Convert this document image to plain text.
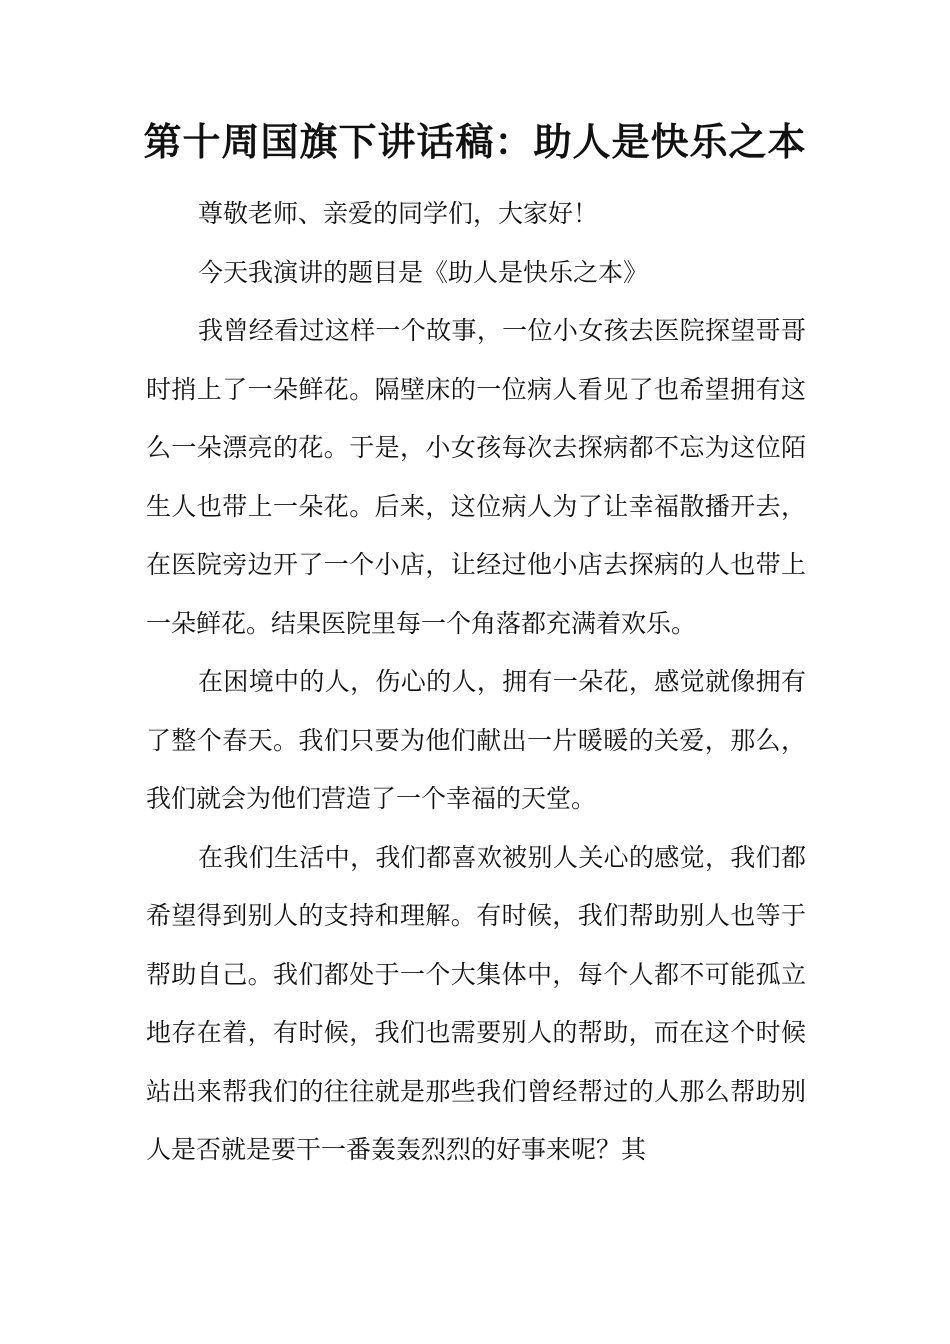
第十周国旗下讲话稿：助人是快乐之本

尊敬老师、亲爱的同学们，大家好！

今天我演讲的题目是《助人是快乐之本》

我曾经看过这样一个故事，一位小女孩去医院探望哥哥时捎上了一朵鲜花。隔壁床的一位病人看见了也希望拥有这么一朵漂亮的花。于是，小女孩每次去探病都不忘为这位陌生人也带上一朵花。后来，这位病人为了让幸福散播开去，在医院旁边开了一个小店，让经过他小店去探病的人也带上一朵鲜花。结果医院里每一个角落都充满着欢乐。

在困境中的人，伤心的人，拥有一朵花，感觉就像拥有了整个春天。我们只要为他们献出一片暖暖的关爱，那么，我们就会为他们营造了一个幸福的天堂。

在我们生活中，我们都喜欢被别人关心的感觉，我们都希望得到别人的支持和理解。有时候，我们帮助别人也等于帮助自己。我们都处于一个大集体中，每个人都不可能孤立地存在着，有时候，我们也需要别人的帮助，而在这个时候站出来帮我们的往往就是那些我们曾经帮过的人那么帮助别人是否就是要干一番轰轰烈烈的好事来呢？其
